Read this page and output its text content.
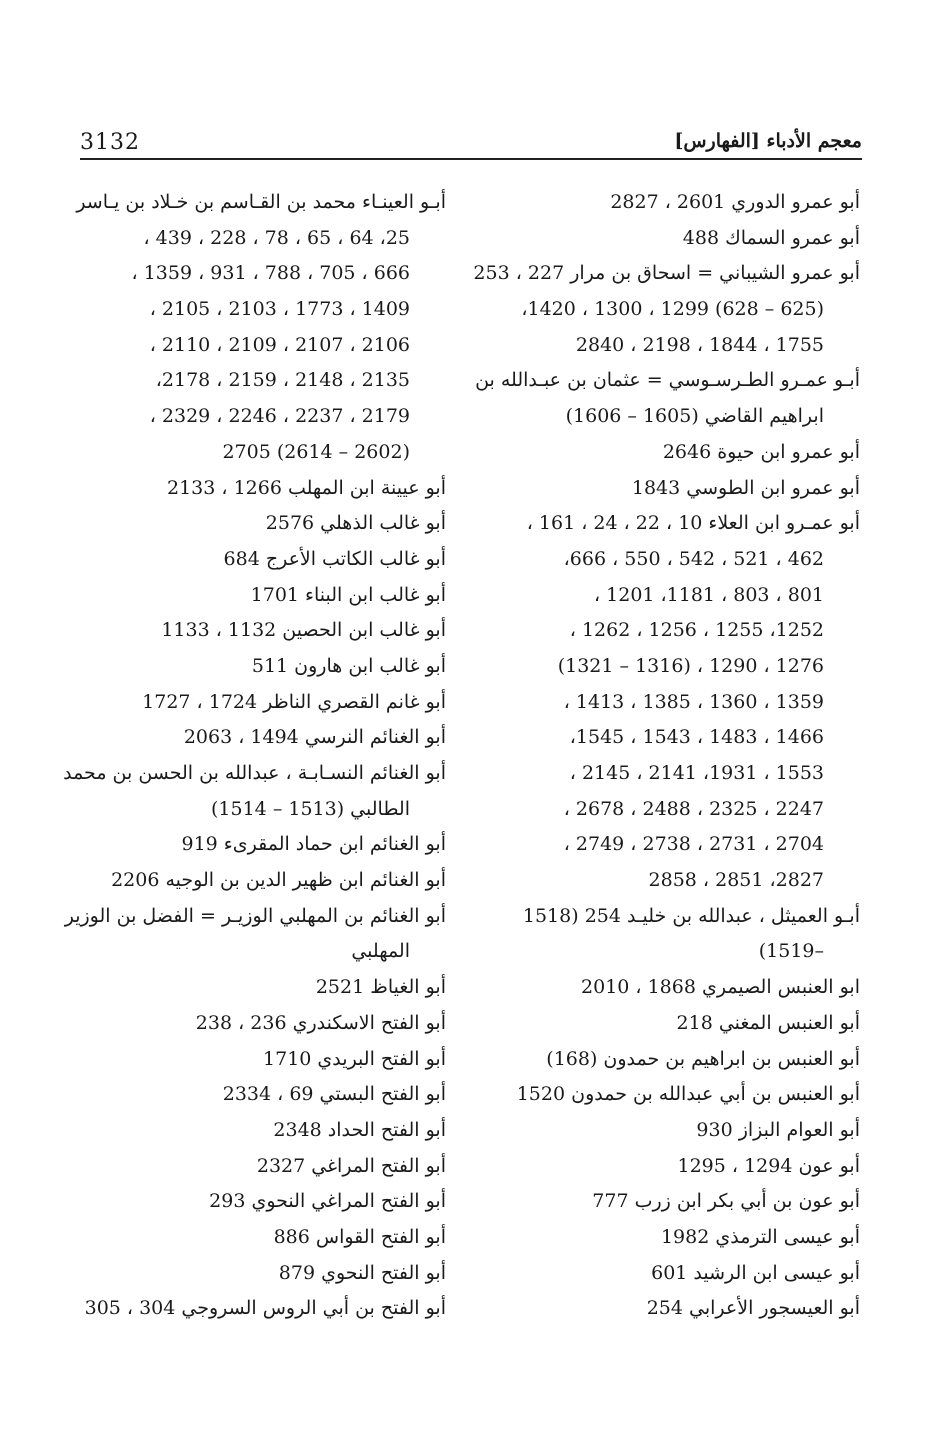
3132	معجم الأدباء [الفهارس]
أبو عمرو الدوري 2601 ، 2827
أبو عمرو السماك 488
أبو عمرو الشيباني = اسحاق بن مرار 227 ، 253
(625 – 628) 1299 ، 1300 ، 1420،
1755 ، 1844 ، 2198 ، 2840
أبـو عمـرو الطـرسـوسي = عثمان بن عبـدالله بن
ابراهيم القاضي (1605 – 1606)
أبو عمرو ابن حيوة 2646
أبو عمرو ابن الطوسي 1843
أبو عمـرو ابن العلاء 10 ، 22 ، 24 ، 161 ،
462 ، 521 ، 542 ، 550 ، 666،
801 ، 803 ، 1181، 1201 ،
1252، 1255 ، 1256 ، 1262 ،
1276 ، 1290 ، (1316 – 1321)
1359 ، 1360 ، 1385 ، 1413 ،
1466 ، 1483 ، 1543 ، 1545،
1553 ، 1931، 2141 ، 2145 ،
2247 ، 2325 ، 2488 ، 2678 ،
2704 ، 2731 ، 2738 ، 2749 ،
2827، 2851 ، 2858
أبـو العميثل ، عبدالله بن خليـد 254 (1518
–1519)
ابو العنبس الصيمري 1868 ، 2010
أبو العنبس المغني 218
أبو العنبس بن ابراهيم بن حمدون (168)
أبو العنبس بن أبي عبدالله بن حمدون 1520
أبو العوام البزاز 930
أبو عون 1294 ، 1295
أبو عون بن أبي بكر ابن زرب 777
أبو عيسى الترمذي 1982
أبو عيسى ابن الرشيد 601
أبو العيسجور الأعرابي 254
أبـو العينـاء محمد بن القـاسم بن خـلاد بن يـاسر
25، 64 ، 65 ، 78 ، 228 ، 439 ،
666 ، 705 ، 788 ، 931 ، 1359 ،
1409 ، 1773 ، 2103 ، 2105 ،
2106 ، 2107 ، 2109 ، 2110 ،
2135 ، 2148 ، 2159 ، 2178،
2179 ، 2237 ، 2246 ، 2329 ،
(2602 – 2614) 2705
أبو عيينة ابن المهلب 1266 ، 2133
أبو غالب الذهلي 2576
أبو غالب الكاتب الأعرج 684
أبو غالب ابن البناء 1701
أبو غالب ابن الحصين 1132 ، 1133
أبو غالب ابن هارون 511
أبو غانم القصري الناظر 1724 ، 1727
أبو الغنائم النرسي 1494 ، 2063
أبو الغنائم النسـابـة ، عبدالله بن الحسن بن محمد
الطالبي (1513 – 1514)
أبو الغنائم ابن حماد المقرىء 919
أبو الغنائم ابن ظهير الدين بن الوجيه 2206
أبو الغنائم بن المهلبي الوزيـر = الفضل بن الوزير
المهلبي
أبو الغياظ 2521
أبو الفتح الاسكندري 236 ، 238
أبو الفتح البريدي 1710
أبو الفتح البستي 69 ، 2334
أبو الفتح الحداد 2348
أبو الفتح المراغي 2327
أبو الفتح المراغي النحوي 293
أبو الفتح القواس 886
أبو الفتح النحوي 879
أبو الفتح بن أبي الروس السروجي 304 ، 305
